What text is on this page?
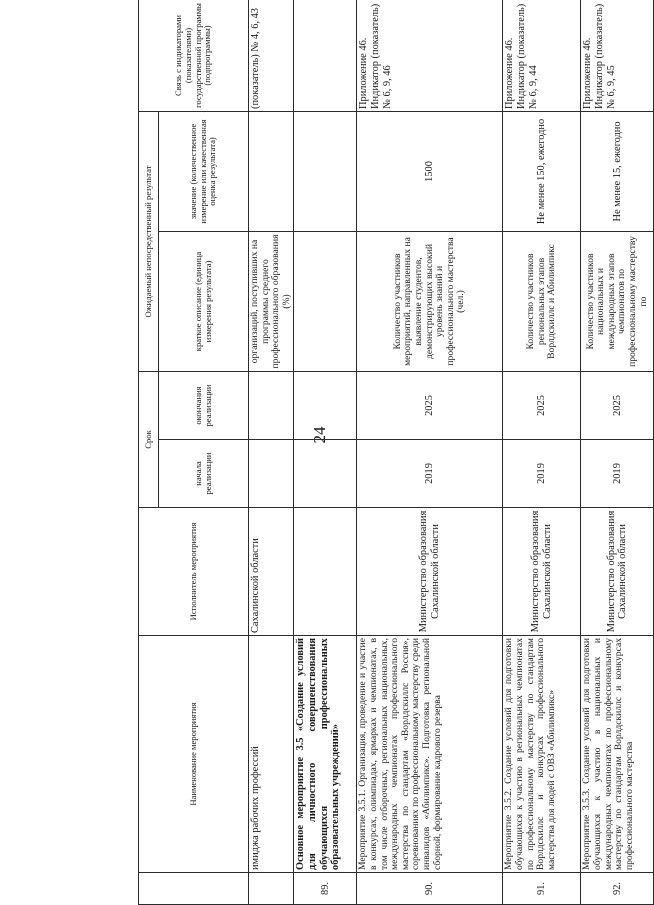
24
	Наименование мероприятия	Исполнитель мероприятия	Срок		Ожидаемый непосредственный результат		Связь с индикаторами (показателями) государственной программы (подпрограммы)
			начала реализации	окончания реализации	краткое описание (единица измерения результата)	значение (количественное измерение или качественная оценка результата)	

	имиджа рабочих профессий	Сахалинской области			организаций, поступивших на программы среднего профессионального образования (%)		(показатель) № 4, 6, 43
89.	Основное мероприятие 3.5 «Создание условий для личностного совершенствования обучающихся профессиональных образовательных учреждений»						
90.	Мероприятие 3.5.1. Организация, проведение и участие в конкурсах, олимпиадах, ярмарках и чемпионатах, в том числе отборочных, региональных национальных, международных чемпионатах профессионального мастерства по стандартам «Ворлдскиллс Россия», соревнованиях по профессиональному мастерству среди инвалидов «Абилимпикс». Подготовка региональной сборной, формирование кадрового резерва	Министерство образования Сахалинской области	2019	2025	Количество участников мероприятий, направленных на выявление студентов, демонстрирующих высокий уровень знаний и профессионального мастерства (чел.)	1500	Приложение 46. Индикатор (показатель) № 6, 9, 46
91.	Мероприятие 3.5.2. Создание условий для подготовки обучающихся к участию в региональных чемпионатах по профессиональному мастерству по стандартам Ворлдскиллс и конкурсах профессионального мастерства для людей с ОВЗ «Абилимпикс»	Министерство образования Сахалинской области	2019	2025	Количество участников региональных этапов Ворлдскиллс и Абилимпикс	Не менее 150, ежегодно	Приложение 46. Индикатор (показатель) № 6, 9, 44
92.	Мероприятие 3.5.3. Создание условий для подготовки обучающихся к участию в национальных и международных чемпионатах по профессиональному мастерству по стандартам Ворлдскиллс и конкурсах профессионального мастерства	Министерство образования Сахалинской области	2019	2025	Количество участников национальных и международных этапов чемпионатов по профессиональному мастерству по	Не менее 15, ежегодно	Приложение 46. Индикатор (показатель) № 6, 9, 45
